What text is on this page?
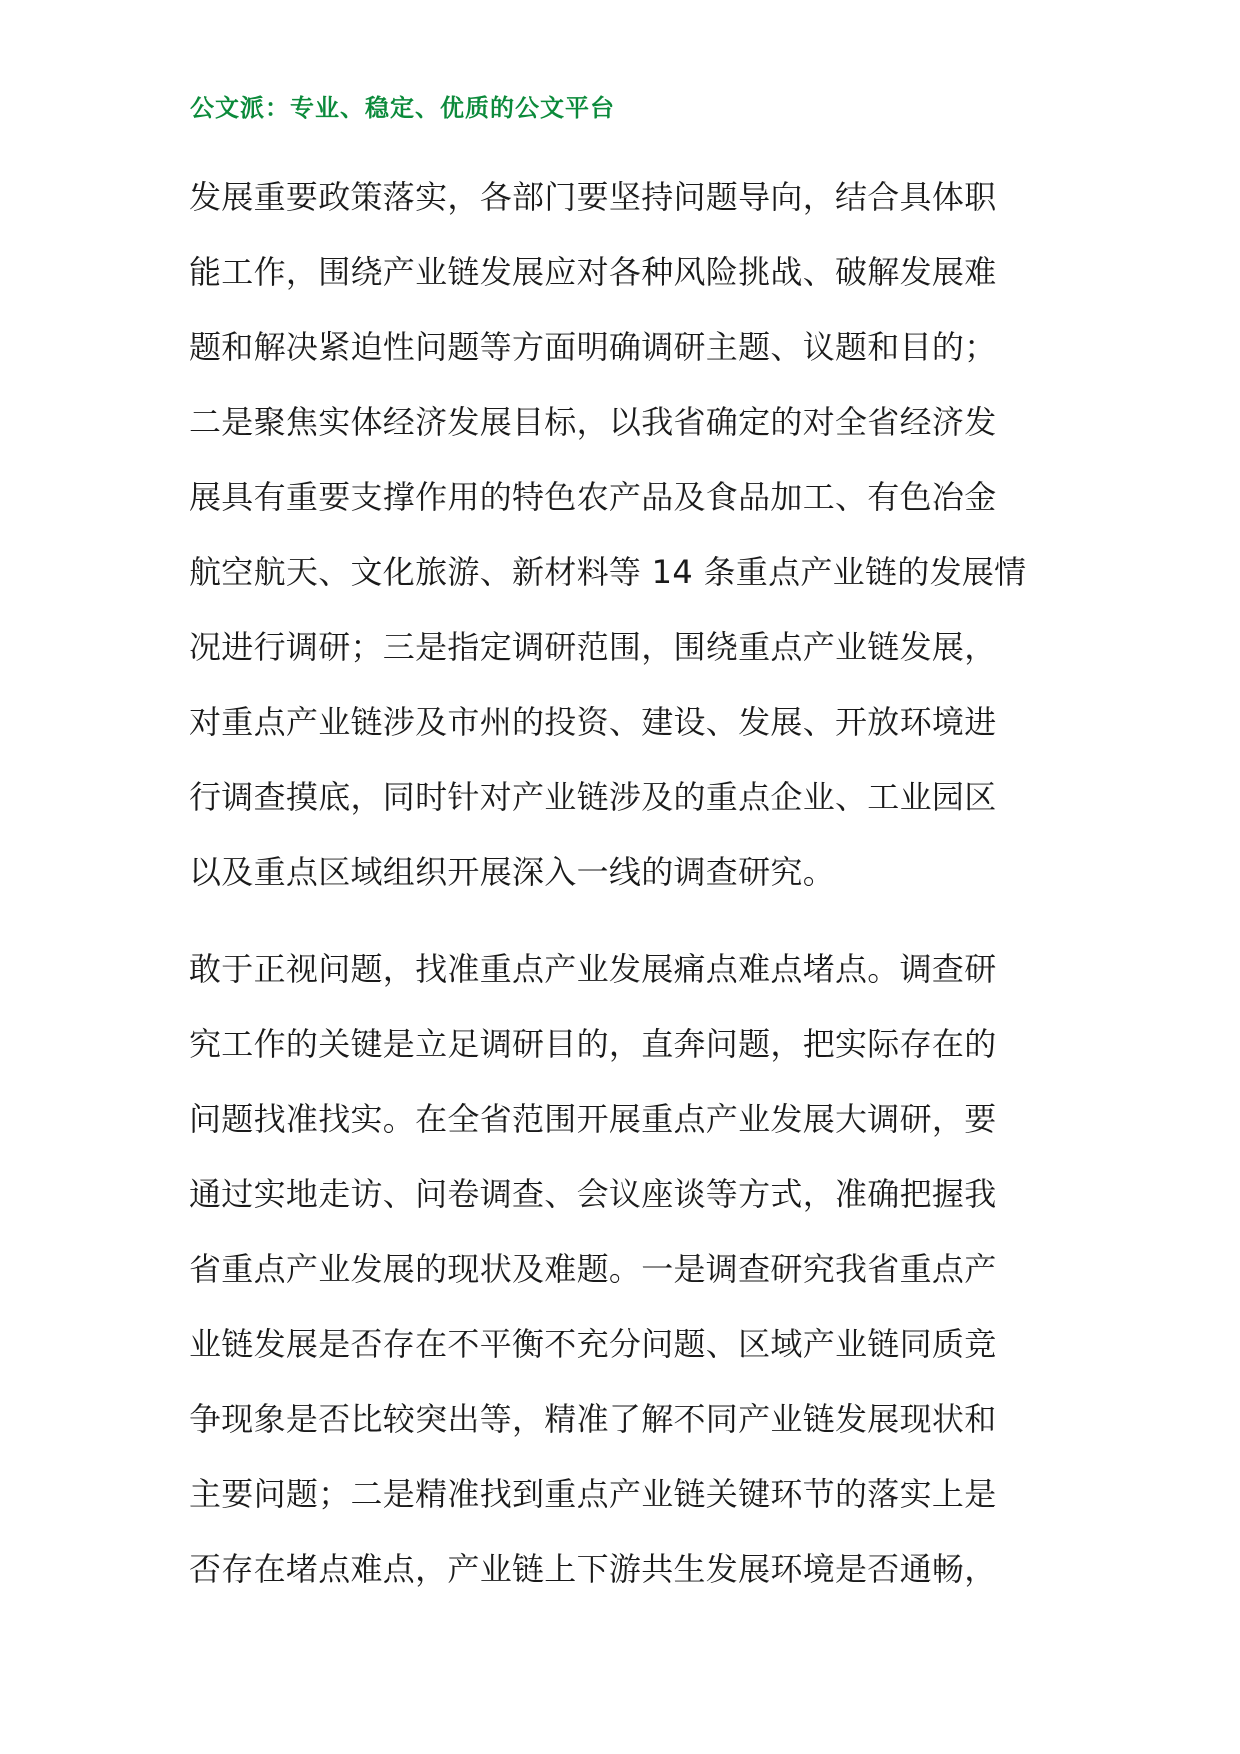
公文派：专业、稳定、优质的公文平台
发展重要政策落实，各部门要坚持问题导向，结合具体职
能工作，围绕产业链发展应对各种风险挑战、破解发展难
题和解决紧迫性问题等方面明确调研主题、议题和目的；
二是聚焦实体经济发展目标，以我省确定的对全省经济发
展具有重要支撑作用的特色农产品及食品加工、有色冶金
航空航天、文化旅游、新材料等 14 条重点产业链的发展情
况进行调研；三是指定调研范围，围绕重点产业链发展，
对重点产业链涉及市州的投资、建设、发展、开放环境进
行调查摸底，同时针对产业链涉及的重点企业、工业园区
以及重点区域组织开展深入一线的调查研究。
敢于正视问题，找准重点产业发展痛点难点堵点。调查研
究工作的关键是立足调研目的，直奔问题，把实际存在的
问题找准找实。在全省范围开展重点产业发展大调研，要
通过实地走访、问卷调查、会议座谈等方式，准确把握我
省重点产业发展的现状及难题。一是调查研究我省重点产
业链发展是否存在不平衡不充分问题、区域产业链同质竞
争现象是否比较突出等，精准了解不同产业链发展现状和
主要问题；二是精准找到重点产业链关键环节的落实上是
否存在堵点难点，产业链上下游共生发展环境是否通畅，
